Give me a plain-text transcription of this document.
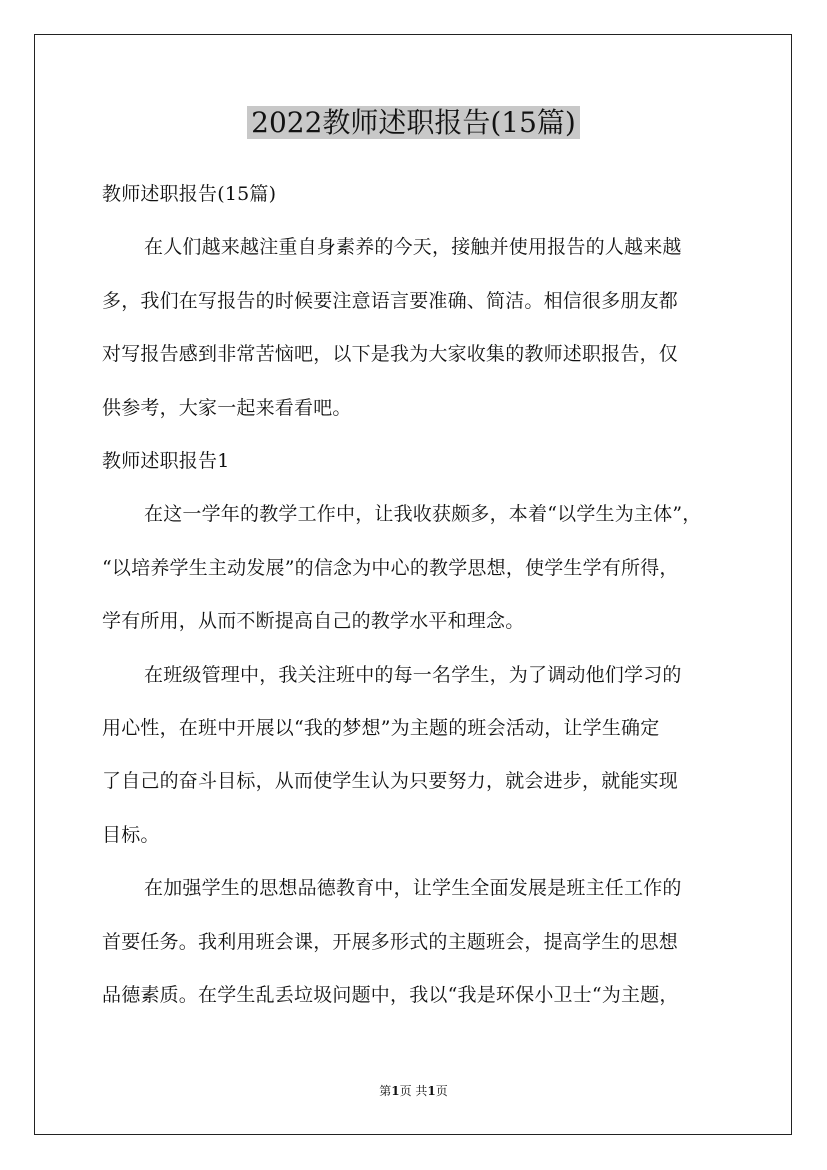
2022教师述职报告(15篇)

教师述职报告(15篇)

在人们越来越注重自身素养的今天，接触并使用报告的人越来越

多，我们在写报告的时候要注意语言要准确、简洁。相信很多朋友都

对写报告感到非常苦恼吧，以下是我为大家收集的教师述职报告，仅

供参考，大家一起来看看吧。

教师述职报告1

在这一学年的教学工作中，让我收获颇多，本着“以学生为主体”，

“以培养学生主动发展”的信念为中心的教学思想，使学生学有所得，

学有所用，从而不断提高自己的教学水平和理念。

在班级管理中，我关注班中的每一名学生，为了调动他们学习的

用心性，在班中开展以“我的梦想”为主题的班会活动，让学生确定

了自己的奋斗目标，从而使学生认为只要努力，就会进步，就能实现

目标。

在加强学生的思想品德教育中，让学生全面发展是班主任工作的

首要任务。我利用班会课，开展多形式的主题班会，提高学生的思想

品德素质。在学生乱丢垃圾问题中，我以“我是环保小卫士“为主题，

第1页 共1页
